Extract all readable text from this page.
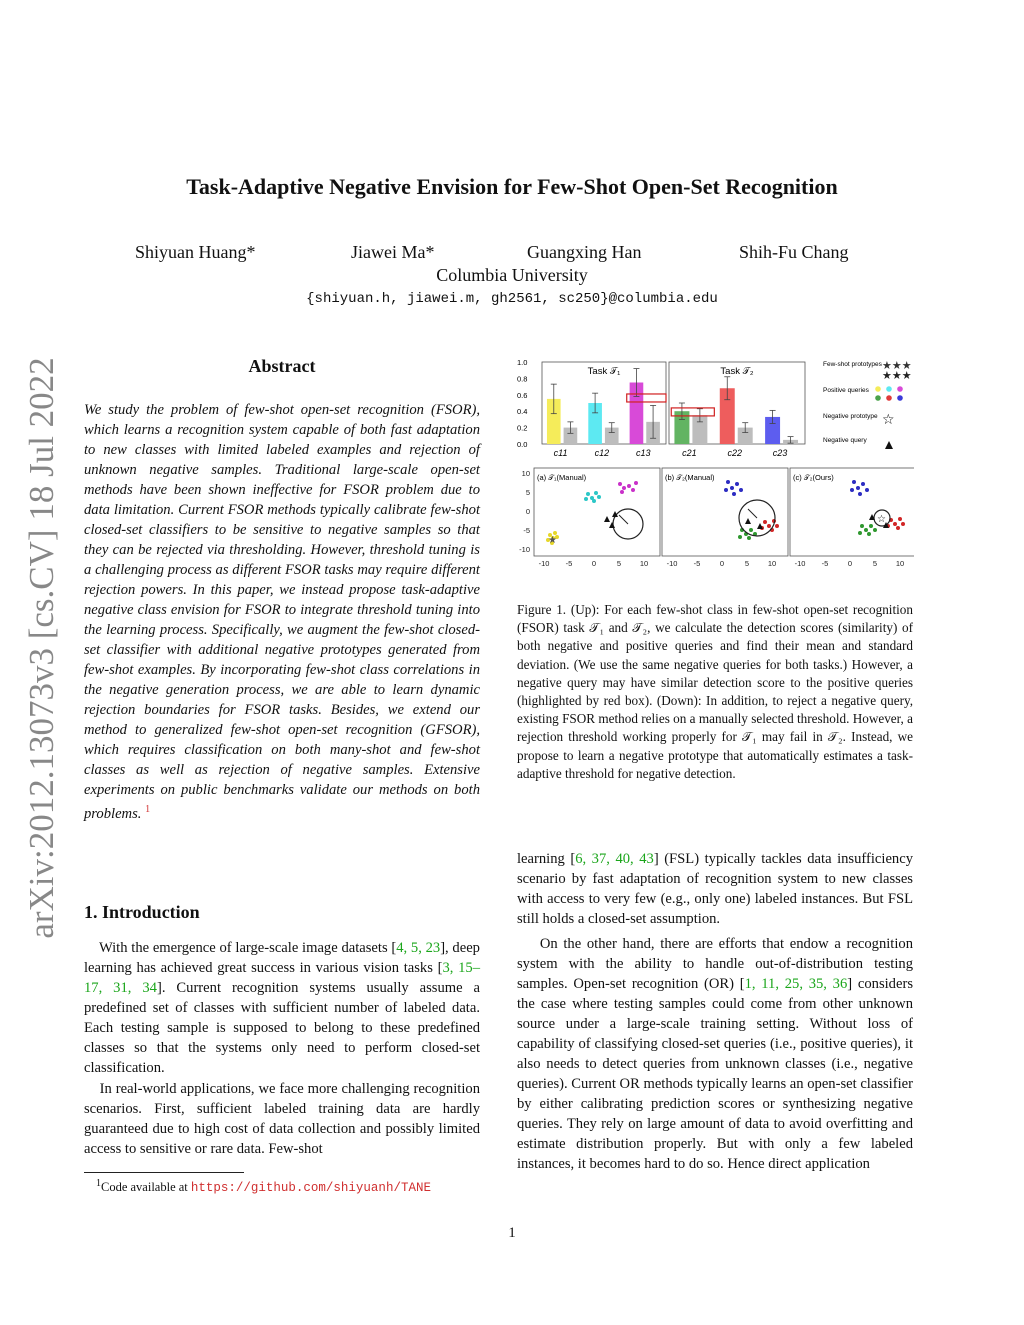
Task-Adaptive Negative Envision for Few-Shot Open-Set Recognition
Shiyuan Huang*	Jiawei Ma*	Guangxing Han	Shih-Fu Chang
Columbia University
{shiyuan.h, jiawei.m, gh2561, sc250}@columbia.edu
arXiv:2012.13073v3 [cs.CV] 18 Jul 2022	Abstract
We study the problem of few-shot open-set recognition (FSOR), which learns a recognition system capable of both fast adaptation to new classes with limited labeled examples and rejection of unknown negative samples. Traditional large-scale open-set methods have been shown ineffective for FSOR problem due to data limitation. Current FSOR methods typically calibrate few-shot closed-set classifiers to be sensitive to negative samples so that they can be rejected via thresholding. However, threshold tuning is a challenging process as different FSOR tasks may require different rejection powers. In this paper, we instead propose task-adaptive negative class envision for FSOR to integrate threshold tuning into the learning process. Specifically, we augment the few-shot closed-set classifier with additional negative prototypes generated from few-shot examples. By incorporating few-shot class correlations in the negative generation process, we are able to learn dynamic rejection boundaries for FSOR tasks. Besides, we extend our method to generalized few-shot open-set recognition (GFSOR), which requires classification on both many-shot and few-shot classes as well as rejection of negative samples. Extensive experiments on public benchmarks validate our methods on both problems. $^1$
1. Introduction
With the emergence of large-scale image datasets [4, 5, 23], deep learning has achieved great success in various vision tasks [3, 15–17, 31, 34]. Current recognition systems usually assume a predefined set of classes with sufficient number of labeled data. Each testing sample is supposed to belong to these predefined classes so that the systems only need to perform closed-set classification.
In real-world applications, we face more challenging recognition scenarios. First, sufficient labeled training data are hardly guaranteed due to high cost of data collection and possibly limited access to sensitive or rare data. Few-shot
$^1$Code available at https://github.com/shiyuanh/TANE
0.0
0.2
0.4
0.6
0.8
1.0
Task 𝒯₁
c11	c12	c13
Task 𝒯₂
c21	c22	c23
Few-shot prototypes ★★★
★★★
Positive queries
Negative prototype ☆
Negative query
(a) 𝒯₁(Manual)
★
(b) 𝒯₂(Manual)	(c) 𝒯₂(Ours)
☆
-10 -5	0	5 10 -10 -5	0	5 10 -10 -5	0	5 10
10
5
0
-5
-10
Figure 1. (Up): For each few-shot class in few-shot open-set recognition (FSOR) task 𝒯₁ and 𝒯₂, we calculate the detection scores (similarity) of both negative and positive queries and find their mean and standard deviation. (We use the same negative queries for both tasks.) However, a negative query may have similar detection score to the positive queries (highlighted by red box). (Down): In addition, to reject a negative query, existing FSOR method relies on a manually selected threshold. However, a rejection threshold working properly for 𝒯₁ may fail in 𝒯₂. Instead, we propose to learn a negative prototype that automatically estimates a task-adaptive threshold for negative detection.
learning [6, 37, 40, 43] (FSL) typically tackles data insufficiency scenario by fast adaptation of recognition system to new classes with access to very few (e.g., only one) labeled instances. But FSL still holds a closed-set assumption.
On the other hand, there are efforts that endow a recognition system with the ability to handle out-of-distribution testing samples. Open-set recognition (OR) [1, 11, 25, 35, 36] considers the case where testing samples could come from other unknown source under a large-scale training setting. Without loss of capability of classifying closed-set queries (i.e., positive queries), it also needs to detect queries from unknown classes (i.e., negative queries). Current OR methods typically learns an open-set classifier by either calibrating prediction scores or synthesizing negative queries. They rely on large amount of data to avoid overfitting and estimate distribution properly. But with only a few labeled instances, it becomes hard to do so. Hence direct application
1
